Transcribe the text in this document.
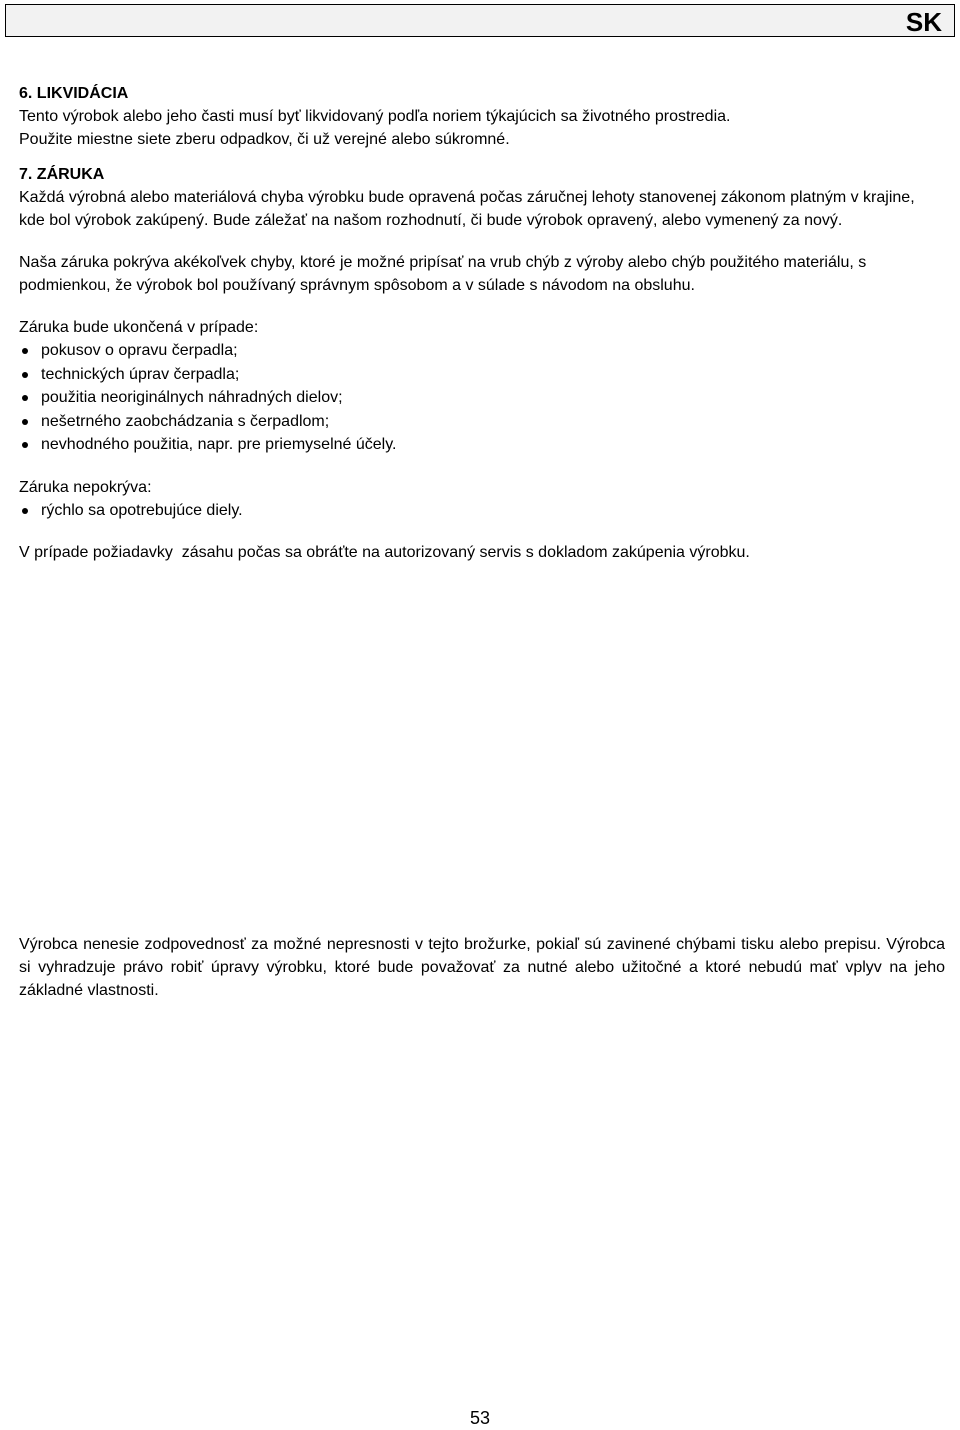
SK

6. LIKVIDÁCIA

Tento výrobok alebo jeho časti musí byť likvidovaný podľa noriem týkajúcich sa životného prostredia.

Použite miestne siete zberu odpadkov, či už verejné alebo súkromné.

7. ZÁRUKA

Každá výrobná alebo materiálová chyba výrobku bude opravená počas záručnej lehoty stanovenej zákonom platným v krajine, kde bol výrobok zakúpený. Bude záležať na našom rozhodnutí, či bude výrobok opravený, alebo vymenený za nový.

Naša záruka pokrýva akékoľvek chyby, ktoré je možné pripísať na vrub chýb z výroby alebo chýb použitého materiálu, s podmienkou, že výrobok bol používaný správnym spôsobom a v súlade s návodom na obsluhu.

Záruka bude ukončená v prípade:

pokusov o opravu čerpadla;
technických úprav čerpadla;
použitia neoriginálnych náhradných dielov;
nešetrného zaobchádzania s čerpadlom;
nevhodného použitia, napr. pre priemyselné účely.

Záruka nepokrýva:

rýchlo sa opotrebujúce diely.

V prípade požiadavky  zásahu počas sa obráťte na autorizovaný servis s dokladom zakúpenia výrobku.

Výrobca nenesie zodpovednosť za možné nepresnosti v tejto brožurke, pokiaľ sú zavinené chýbami tisku alebo prepisu. Výrobca si vyhradzuje právo robiť úpravy výrobku, ktoré bude považovať za nutné alebo užitočné a ktoré nebudú mať vplyv na jeho základné vlastnosti.

53
